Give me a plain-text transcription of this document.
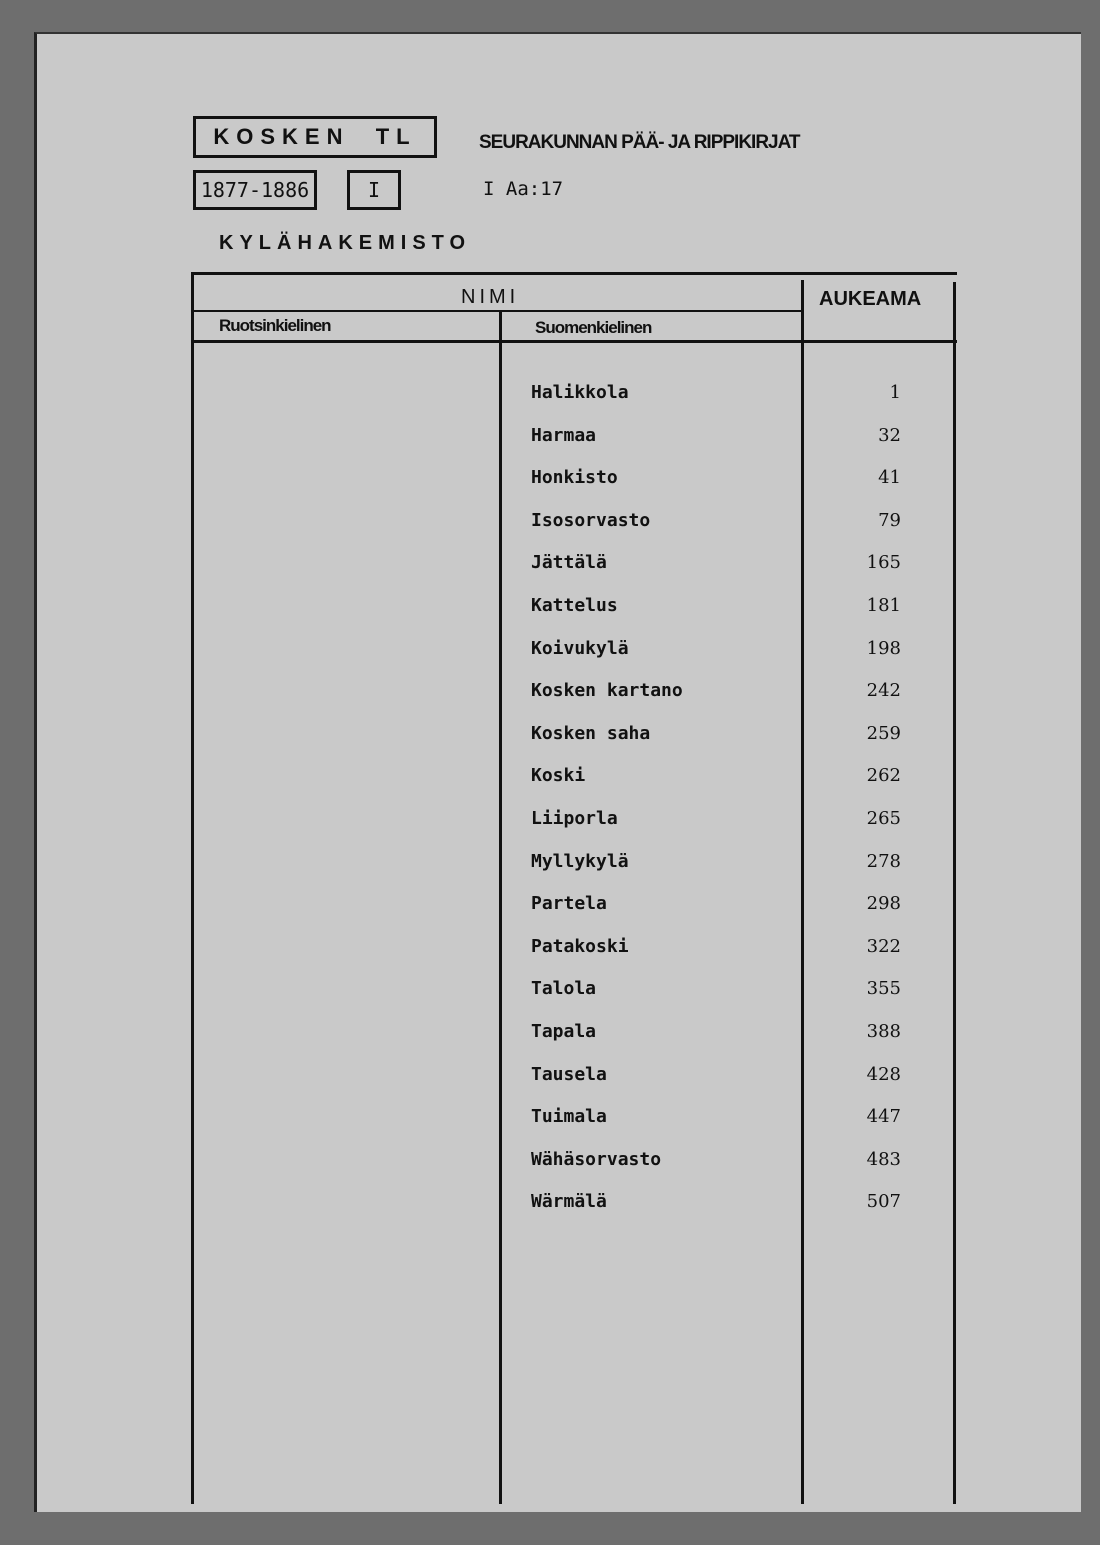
KOSKEN  TL	SEURAKUNNAN PÄÄ- JA RIPPIKIRJAT
1877-1886	I	I Aa:17
KYLÄHAKEMISTO
NIMI	AUKEAMA
Ruotsinkielinen	Suomenkielinen
Halikkola	1
Harmaa	32
Honkisto	41
Isosorvasto	79
Jättälä	165
Kattelus	181
Koivukylä	198
Kosken kartano	242
Kosken saha	259
Koski	262
Liiporla	265
Myllykylä	278
Partela	298
Patakoski	322
Talola	355
Tapala	388
Tausela	428
Tuimala	447
Wähäsorvasto	483
Wärmälä	507
